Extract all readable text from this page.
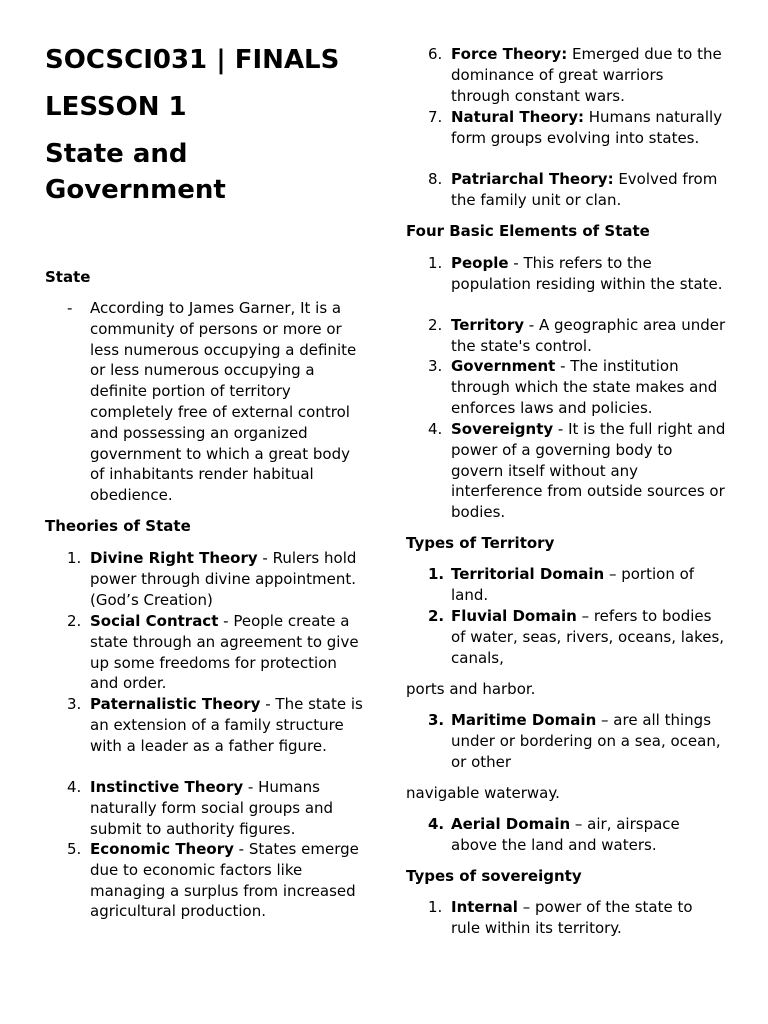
SOCSCI031 | FINALS
LESSON 1
State and
Government
State
-	According to James Garner, It is a community of persons or more or less numerous occupying a definite or less numerous occupying a definite portion of territory completely free of external control and possessing an organized government to which a great body of inhabitants render habitual obedience.
Theories of State
1. Divine Right Theory - Rulers hold power through divine appointment. (God’s Creation)
2. Social Contract - People create a state through an agreement to give up some freedoms for protection and order.
3. Paternalistic Theory - The state is an extension of a family structure with a leader as a father figure.
4. Instinctive Theory - Humans naturally form social groups and submit to authority figures.
5. Economic Theory - States emerge due to economic factors like managing a surplus from increased agricultural production.
6. Force Theory: Emerged due to the dominance of great warriors through constant wars.
7. Natural Theory: Humans naturally form groups evolving into states.
8. Patriarchal Theory: Evolved from the family unit or clan.
Four Basic Elements of State
1. People - This refers to the population residing within the state.
2. Territory - A geographic area under the state's control.
3. Government - The institution through which the state makes and enforces laws and policies.
4. Sovereignty - It is the full right and power of a governing body to govern itself without any interference from outside sources or bodies.
Types of Territory
1. Territorial Domain – portion of land.
2. Fluvial Domain – refers to bodies of water, seas, rivers, oceans, lakes, canals,
ports and harbor.
3. Maritime Domain – are all things under or bordering on a sea, ocean, or other
navigable waterway.
4. Aerial Domain – air, airspace above the land and waters.
Types of sovereignty
1. Internal – power of the state to rule within its territory.
